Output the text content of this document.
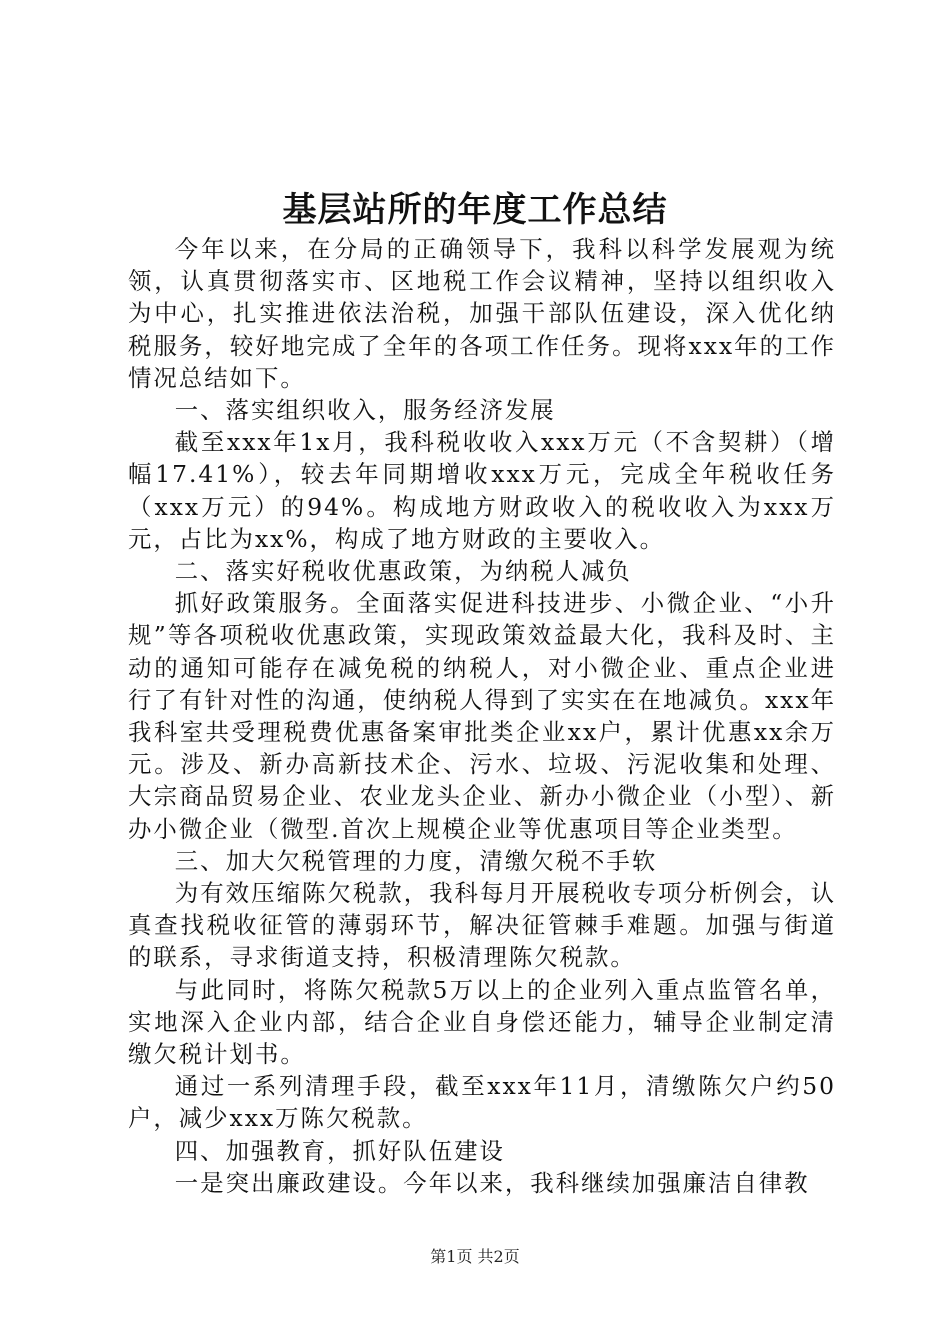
基层站所的年度工作总结

今年以来，在分局的正确领导下，我科以科学发展观为统领，认真贯彻落实市、区地税工作会议精神，坚持以组织收入为中心，扎实推进依法治税，加强干部队伍建设，深入优化纳税服务，较好地完成了全年的各项工作任务。现将xxx年的工作情况总结如下。

一、落实组织收入，服务经济发展

截至xxx年1x月，我科税收收入xxx万元（不含契耕）（增幅17.41%），较去年同期增收xxx万元，完成全年税收任务（xxx万元）的94%。构成地方财政收入的税收收入为xxx万元，占比为xx%，构成了地方财政的主要收入。

二、落实好税收优惠政策，为纳税人减负

抓好政策服务。全面落实促进科技进步、小微企业、“小升规”等各项税收优惠政策，实现政策效益最大化，我科及时、主动的通知可能存在减免税的纳税人，对小微企业、重点企业进行了有针对性的沟通，使纳税人得到了实实在在地减负。xxx年我科室共受理税费优惠备案审批类企业xx户，累计优惠xx余万元。涉及、新办高新技术企、污水、垃圾、污泥收集和处理、大宗商品贸易企业、农业龙头企业、新办小微企业（小型）、新办小微企业（微型.首次上规模企业等优惠项目等企业类型。

三、加大欠税管理的力度，清缴欠税不手软

为有效压缩陈欠税款，我科每月开展税收专项分析例会，认真查找税收征管的薄弱环节，解决征管棘手难题。加强与街道的联系，寻求街道支持，积极清理陈欠税款。

与此同时，将陈欠税款5万以上的企业列入重点监管名单，实地深入企业内部，结合企业自身偿还能力，辅导企业制定清缴欠税计划书。

通过一系列清理手段，截至xxx年11月，清缴陈欠户约50户，减少xxx万陈欠税款。

四、加强教育，抓好队伍建设

一是突出廉政建设。今年以来，我科继续加强廉洁自律教

第1页 共2页
